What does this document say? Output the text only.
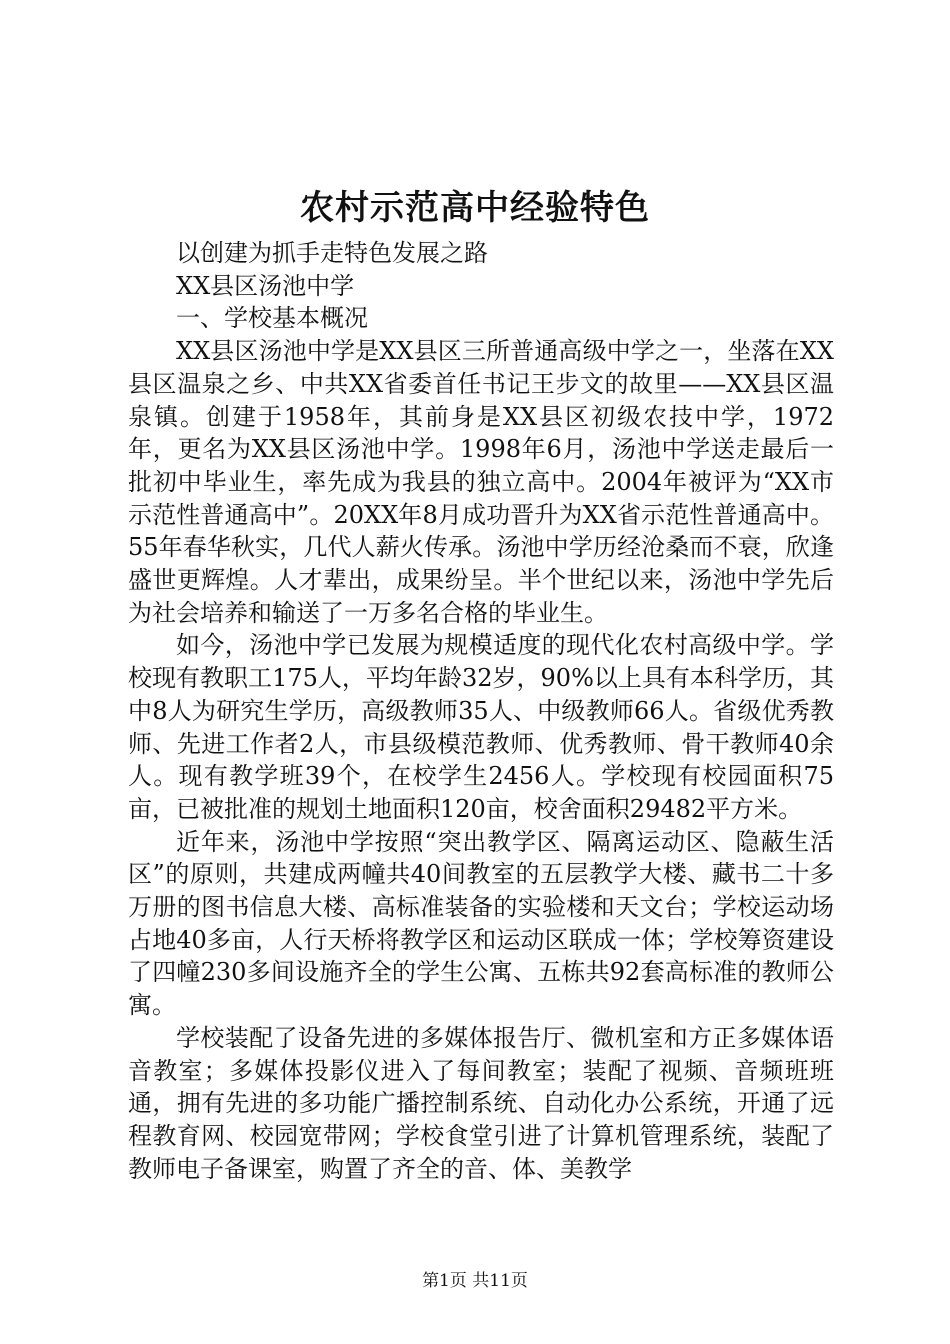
农村示范高中经验特色

以创建为抓手走特色发展之路

XX县区汤池中学

一、学校基本概况

XX县区汤池中学是XX县区三所普通高级中学之一，坐落在XX县区温泉之乡、中共XX省委首任书记王步文的故里——XX县区温泉镇。创建于1958年，其前身是XX县区初级农技中学，1972年，更名为XX县区汤池中学。1998年6月，汤池中学送走最后一批初中毕业生，率先成为我县的独立高中。2004年被评为“XX市示范性普通高中”。20XX年8月成功晋升为XX省示范性普通高中。55年春华秋实，几代人薪火传承。汤池中学历经沧桑而不衰，欣逢盛世更辉煌。人才辈出，成果纷呈。半个世纪以来，汤池中学先后为社会培养和输送了一万多名合格的毕业生。

如今，汤池中学已发展为规模适度的现代化农村高级中学。学校现有教职工175人，平均年龄32岁，90%以上具有本科学历，其中8人为研究生学历，高级教师35人、中级教师66人。省级优秀教师、先进工作者2人，市县级模范教师、优秀教师、骨干教师40余人。现有教学班39个，在校学生2456人。学校现有校园面积75亩，已被批准的规划土地面积120亩，校舍面积29482平方米。

近年来，汤池中学按照“突出教学区、隔离运动区、隐蔽生活区”的原则，共建成两幢共40间教室的五层教学大楼、藏书二十多万册的图书信息大楼、高标准装备的实验楼和天文台；学校运动场占地40多亩，人行天桥将教学区和运动区联成一体；学校筹资建设了四幢230多间设施齐全的学生公寓、五栋共92套高标准的教师公寓。

学校装配了设备先进的多媒体报告厅、微机室和方正多媒体语音教室；多媒体投影仪进入了每间教室；装配了视频、音频班班通，拥有先进的多功能广播控制系统、自动化办公系统，开通了远程教育网、校园宽带网；学校食堂引进了计算机管理系统，装配了教师电子备课室，购置了齐全的音、体、美教学

第1页 共11页
